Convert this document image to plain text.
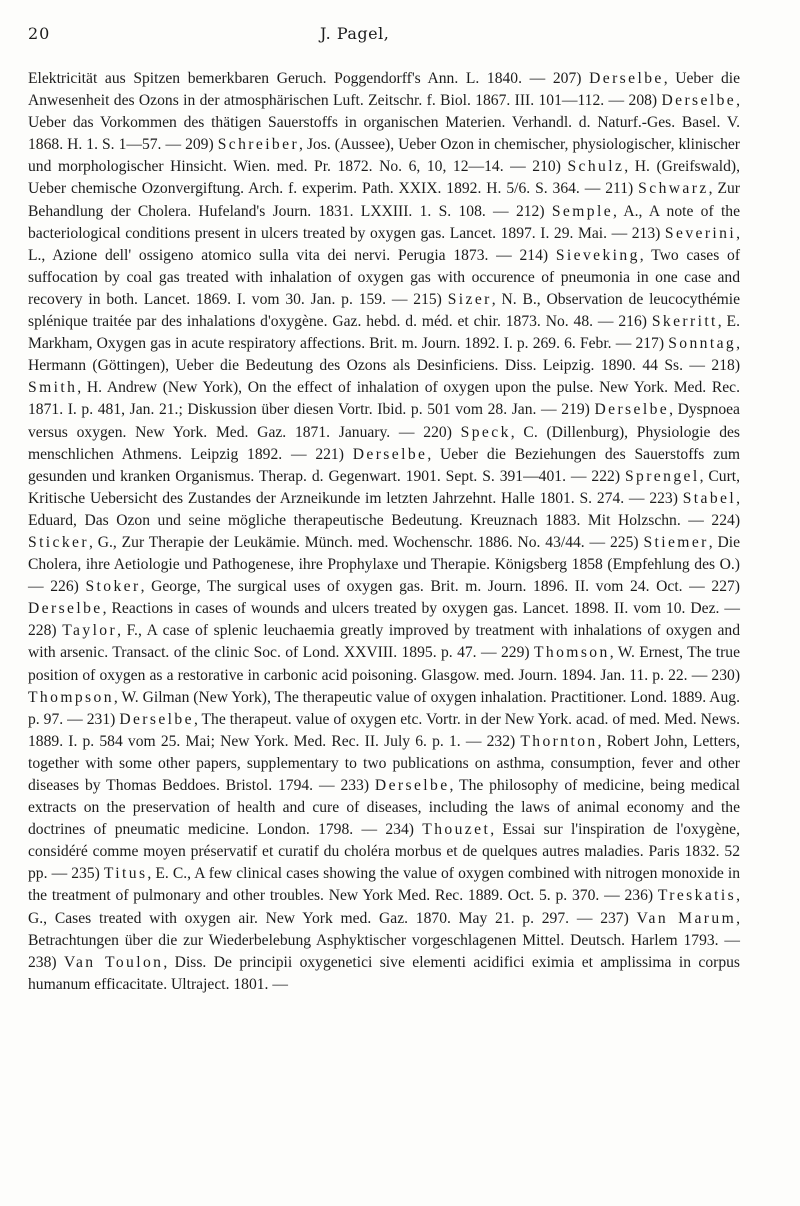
20	J. Pagel,

Elektricität aus Spitzen bemerkbaren Geruch. Poggendorff's Ann. L. 1840. — 207) Derselbe, Ueber die Anwesenheit des Ozons in der atmosphärischen Luft. Zeitschr. f. Biol. 1867. III. 101—112. — 208) Derselbe, Ueber das Vorkommen des thätigen Sauerstoffs in organischen Materien. Verhandl. d. Naturf.-Ges. Basel. V. 1868. H. 1. S. 1—57. — 209) Schreiber, Jos. (Aussee), Ueber Ozon in chemischer, physiologischer, klinischer und morphologischer Hinsicht. Wien. med. Pr. 1872. No. 6, 10, 12—14. — 210) Schulz, H. (Greifswald), Ueber chemische Ozonvergiftung. Arch. f. experim. Path. XXIX. 1892. H. 5/6. S. 364. — 211) Schwarz, Zur Behandlung der Cholera. Hufeland's Journ. 1831. LXXIII. 1. S. 108. — 212) Semple, A., A note of the bacteriological conditions present in ulcers treated by oxygen gas. Lancet. 1897. I. 29. Mai. — 213) Severini, L., Azione dell' ossigeno atomico sulla vita dei nervi. Perugia 1873. — 214) Sieveking, Two cases of suffocation by coal gas treated with inhalation of oxygen gas with occurence of pneumonia in one case and recovery in both. Lancet. 1869. I. vom 30. Jan. p. 159. — 215) Sizer, N. B., Observation de leucocythémie splénique traitée par des inhalations d'oxygène. Gaz. hebd. d. méd. et chir. 1873. No. 48. — 216) Skerritt, E. Markham, Oxygen gas in acute respiratory affections. Brit. m. Journ. 1892. I. p. 269. 6. Febr. — 217) Sonntag, Hermann (Göttingen), Ueber die Bedeutung des Ozons als Desinficiens. Diss. Leipzig. 1890. 44 Ss. — 218) Smith, H. Andrew (New York), On the effect of inhalation of oxygen upon the pulse. New York. Med. Rec. 1871. I. p. 481, Jan. 21.; Diskussion über diesen Vortr. Ibid. p. 501 vom 28. Jan. — 219) Derselbe, Dyspnoea versus oxygen. New York. Med. Gaz. 1871. January. — 220) Speck, C. (Dillenburg), Physiologie des menschlichen Athmens. Leipzig 1892. — 221) Derselbe, Ueber die Beziehungen des Sauerstoffs zum gesunden und kranken Organismus. Therap. d. Gegenwart. 1901. Sept. S. 391—401. — 222) Sprengel, Curt, Kritische Uebersicht des Zustandes der Arzneikunde im letzten Jahrzehnt. Halle 1801. S. 274. — 223) Stabel, Eduard, Das Ozon und seine mögliche therapeutische Bedeutung. Kreuznach 1883. Mit Holzschn. — 224) Sticker, G., Zur Therapie der Leukämie. Münch. med. Wochenschr. 1886. No. 43/44. — 225) Stiemer, Die Cholera, ihre Aetiologie und Pathogenese, ihre Prophylaxe und Therapie. Königsberg 1858 (Empfehlung des O.) — 226) Stoker, George, The surgical uses of oxygen gas. Brit. m. Journ. 1896. II. vom 24. Oct. — 227) Derselbe, Reactions in cases of wounds and ulcers treated by oxygen gas. Lancet. 1898. II. vom 10. Dez. — 228) Taylor, F., A case of splenic leuchaemia greatly improved by treatment with inhalations of oxygen and with arsenic. Transact. of the clinic Soc. of Lond. XXVIII. 1895. p. 47. — 229) Thomson, W. Ernest, The true position of oxygen as a restorative in carbonic acid poisoning. Glasgow. med. Journ. 1894. Jan. 11. p. 22. — 230) Thompson, W. Gilman (New York), The therapeutic value of oxygen inhalation. Practitioner. Lond. 1889. Aug. p. 97. — 231) Derselbe, The therapeut. value of oxygen etc. Vortr. in der New York. acad. of med. Med. News. 1889. I. p. 584 vom 25. Mai; New York. Med. Rec. II. July 6. p. 1. — 232) Thornton, Robert John, Letters, together with some other papers, supplementary to two publications on asthma, consumption, fever and other diseases by Thomas Beddoes. Bristol. 1794. — 233) Derselbe, The philosophy of medicine, being medical extracts on the preservation of health and cure of diseases, including the laws of animal economy and the doctrines of pneumatic medicine. London. 1798. — 234) Thouzet, Essai sur l'inspiration de l'oxygène, considéré comme moyen préservatif et curatif du choléra morbus et de quelques autres maladies. Paris 1832. 52 pp. — 235) Titus, E. C., A few clinical cases showing the value of oxygen combined with nitrogen monoxide in the treatment of pulmonary and other troubles. New York Med. Rec. 1889. Oct. 5. p. 370. — 236) Treskatis, G., Cases treated with oxygen air. New York med. Gaz. 1870. May 21. p. 297. — 237) Van Marum, Betrachtungen über die zur Wiederbelebung Asphyktischer vorgeschlagenen Mittel. Deutsch. Harlem 1793. — 238) Van Toulon, Diss. De principii oxygenetici sive elementi acidifici eximia et amplissima in corpus humanum efficacitate. Ultraject. 1801. —
